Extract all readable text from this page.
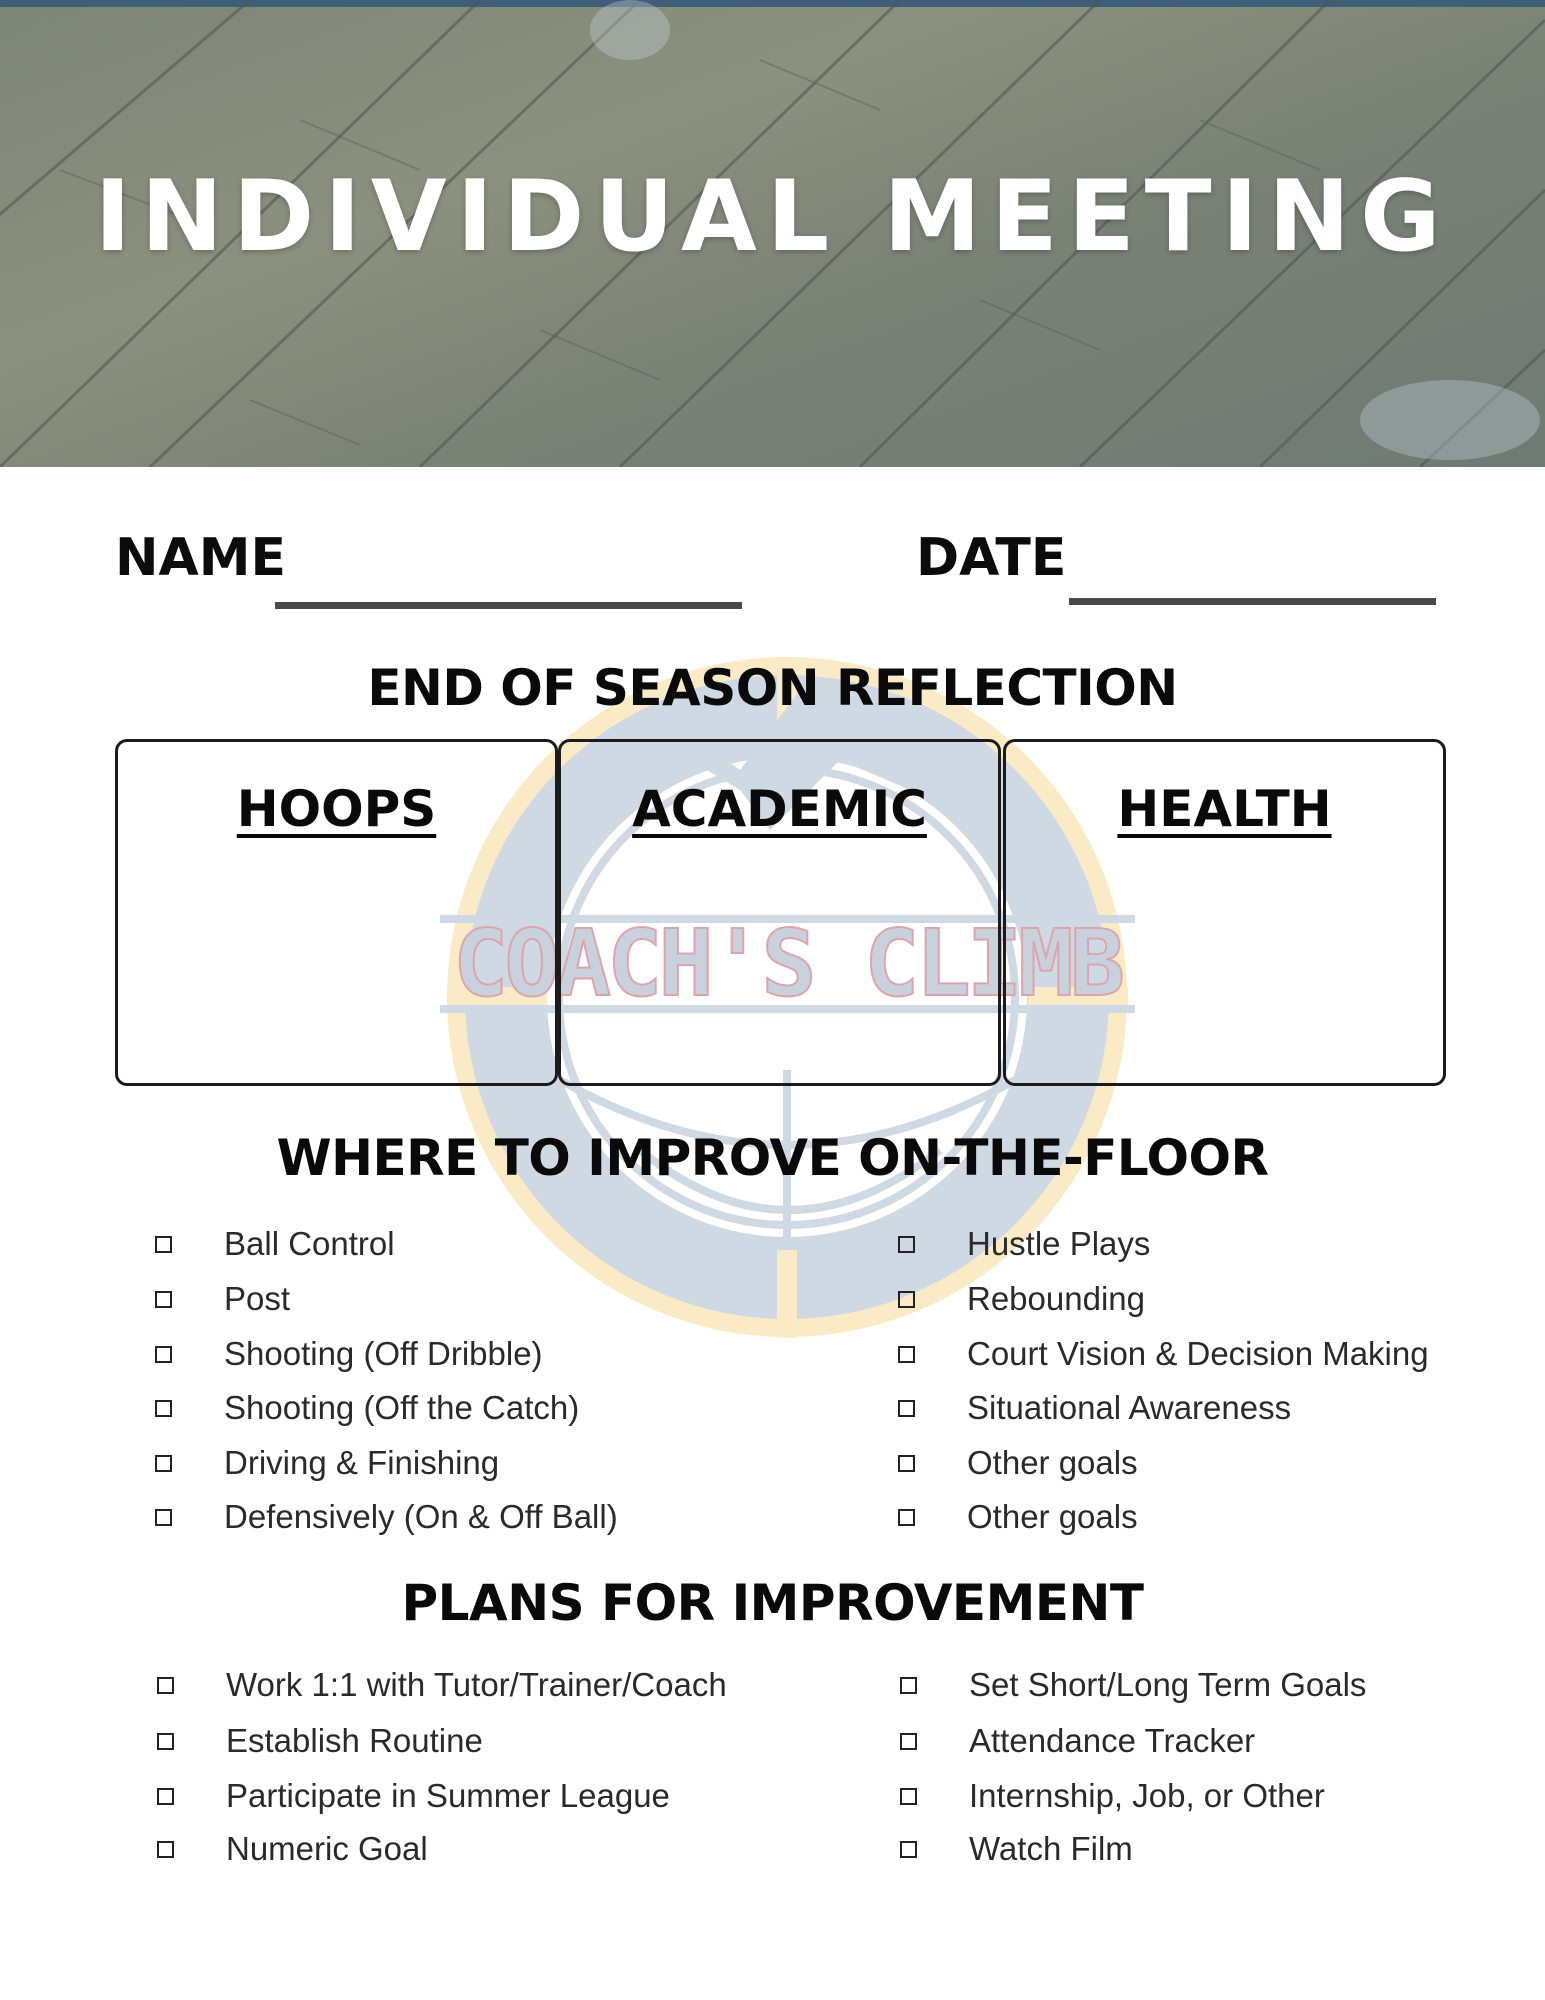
INDIVIDUAL MEETING
COACH'S CLIMB
NAME	DATE
END OF SEASON REFLECTION
HOOPS	ACADEMIC	HEALTH
WHERE TO IMPROVE ON-THE-FLOOR
Ball Control
Post
Shooting (Off Dribble)
Shooting (Off the Catch)
Driving & Finishing
Defensively (On & Off Ball)
Hustle Plays
Rebounding
Court Vision & Decision Making
Situational Awareness
Other goals
Other goals
PLANS FOR IMPROVEMENT
Work 1:1 with Tutor/Trainer/Coach
Establish Routine
Participate in Summer League
Numeric Goal
Set Short/Long Term Goals
Attendance Tracker
Internship, Job, or Other
Watch Film
